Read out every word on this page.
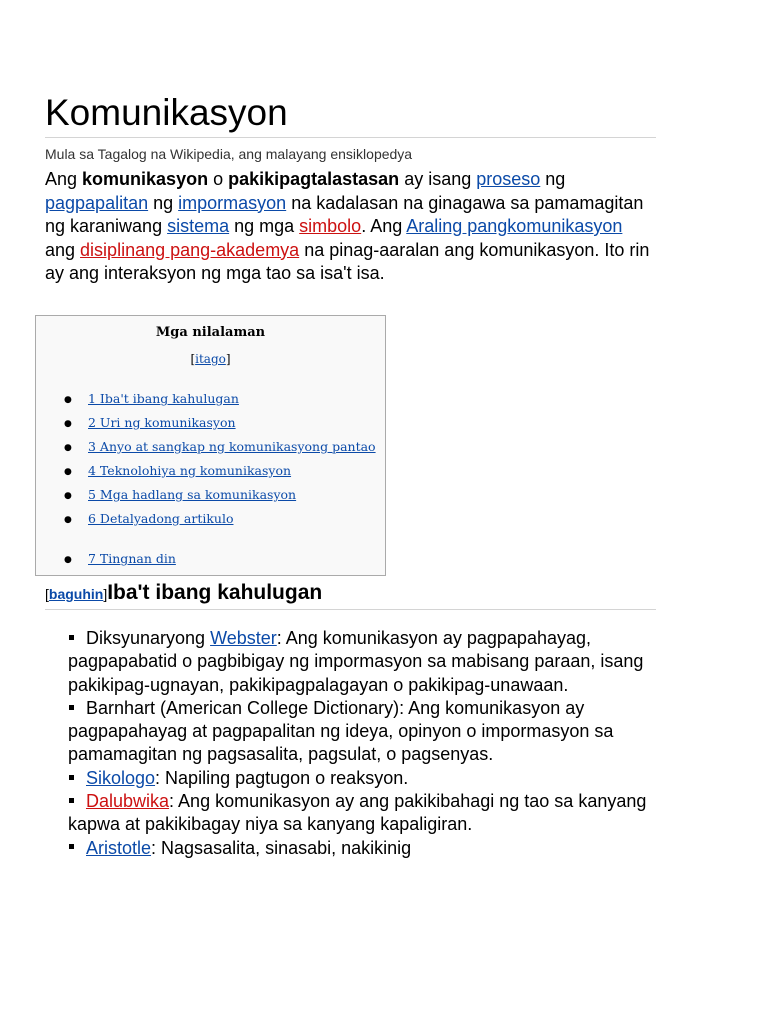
Komunikasyon
Mula sa Tagalog na Wikipedia, ang malayang ensiklopedya

Ang komunikasyon o pakikipagtalastasan ay isang proseso ng pagpapalitan ng impormasyon na kadalasan na ginagawa sa pamamagitan ng karaniwang sistema ng mga simbolo. Ang Araling pangkomunikasyon ang disiplinang pang-akademya na pinag-aaralan ang komunikasyon. Ito rin ay ang interaksyon ng mga tao sa isa't isa.

Mga nilalaman
[itago]
● 1 Iba't ibang kahulugan
● 2 Uri ng komunikasyon
● 3 Anyo at sangkap ng komunikasyong pantao
● 4 Teknolohiya ng komunikasyon
● 5 Mga hadlang sa komunikasyon
● 6 Detalyadong artikulo
● 7 Tingnan din
[baguhin]Iba't ibang kahulugan
Diksyunaryong Webster: Ang komunikasyon ay pagpapahayag, pagpapabatid o pagbibigay ng impormasyon sa mabisang paraan, isang pakikipag-ugnayan, pakikipagpalagayan o pakikipag-unawaan.
Barnhart (American College Dictionary): Ang komunikasyon ay pagpapahayag at pagpapalitan ng ideya, opinyon o impormasyon sa pamamagitan ng pagsasalita, pagsulat, o pagsenyas.
Sikologo: Napiling pagtugon o reaksyon.
Dalubwika: Ang komunikasyon ay ang pakikibahagi ng tao sa kanyang kapwa at pakikibagay niya sa kanyang kapaligiran.
Aristotle: Nagsasalita, sinasabi, nakikinig
